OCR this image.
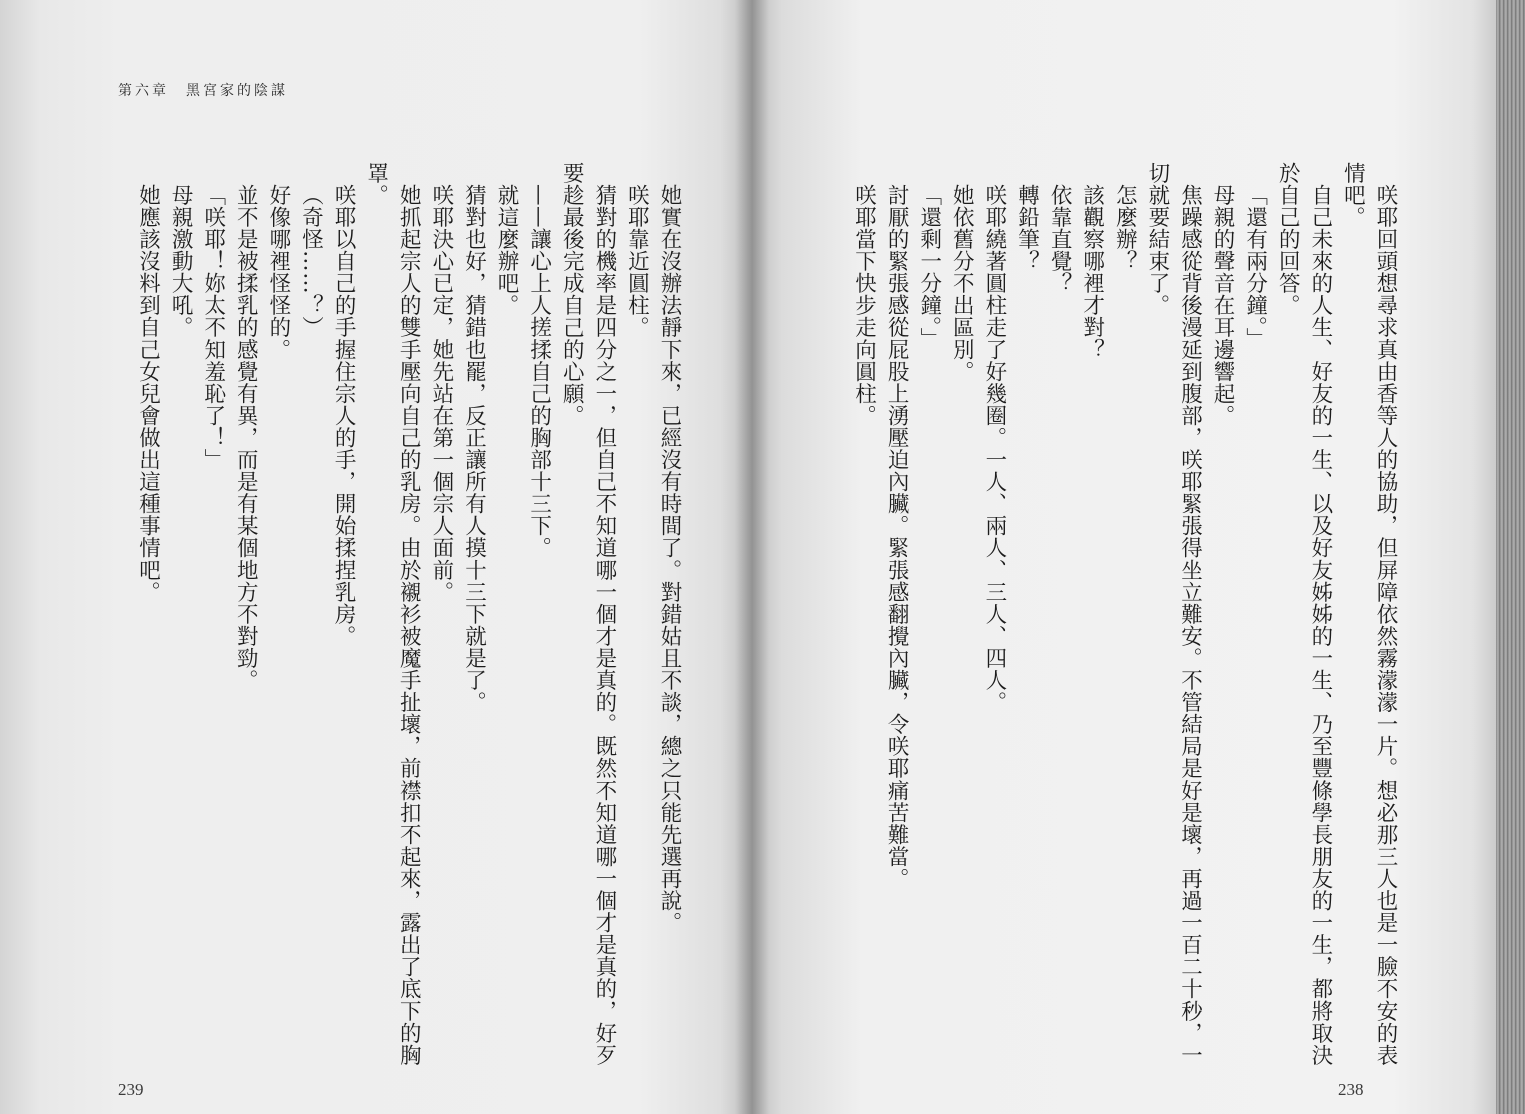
第六章　黑宮家的陰謀
她實在沒辦法靜下來，已經沒有時間了。對錯姑且不談，總之只能先選再說。
咲耶靠近圓柱。
猜對的機率是四分之一，但自己不知道哪一個才是真的。既然不知道哪一個才是真的，好歹
要趁最後完成自己的心願。
——讓心上人搓揉自己的胸部十三下。
就這麼辦吧。
猜對也好，猜錯也罷，反正讓所有人摸十三下就是了。
咲耶決心已定，她先站在第一個宗人面前。
她抓起宗人的雙手壓向自己的乳房。由於襯衫被魔手扯壞，前襟扣不起來，露出了底下的胸
罩。
咲耶以自己的手握住宗人的手，開始揉捏乳房。
（奇怪……？）
好像哪裡怪怪的。
並不是被揉乳的感覺有異，而是有某個地方不對勁。
「咲耶！妳太不知羞恥了！」
母親激動大吼。
她應該沒料到自己女兒會做出這種事情吧。
239
咲耶回頭想尋求真由香等人的協助，但屏障依然霧濛濛一片。想必那三人也是一臉不安的表
情吧。
自己未來的人生、好友的一生、以及好友姊姊的一生、乃至豐條學長朋友的一生，都將取決
於自己的回答。
「還有兩分鐘。」
母親的聲音在耳邊響起。
焦躁感從背後漫延到腹部，咲耶緊張得坐立難安。不管結局是好是壞，再過一百二十秒，一
切就要結束了。
怎麼辦？
該觀察哪裡才對？
依靠直覺？
轉鉛筆？
咲耶繞著圓柱走了好幾圈。一人、兩人、三人、四人。
她依舊分不出區別。
「還剩一分鐘。」
討厭的緊張感從屁股上湧壓迫內臟。緊張感翻攪內臟，令咲耶痛苦難當。
咲耶當下快步走向圓柱。
238
